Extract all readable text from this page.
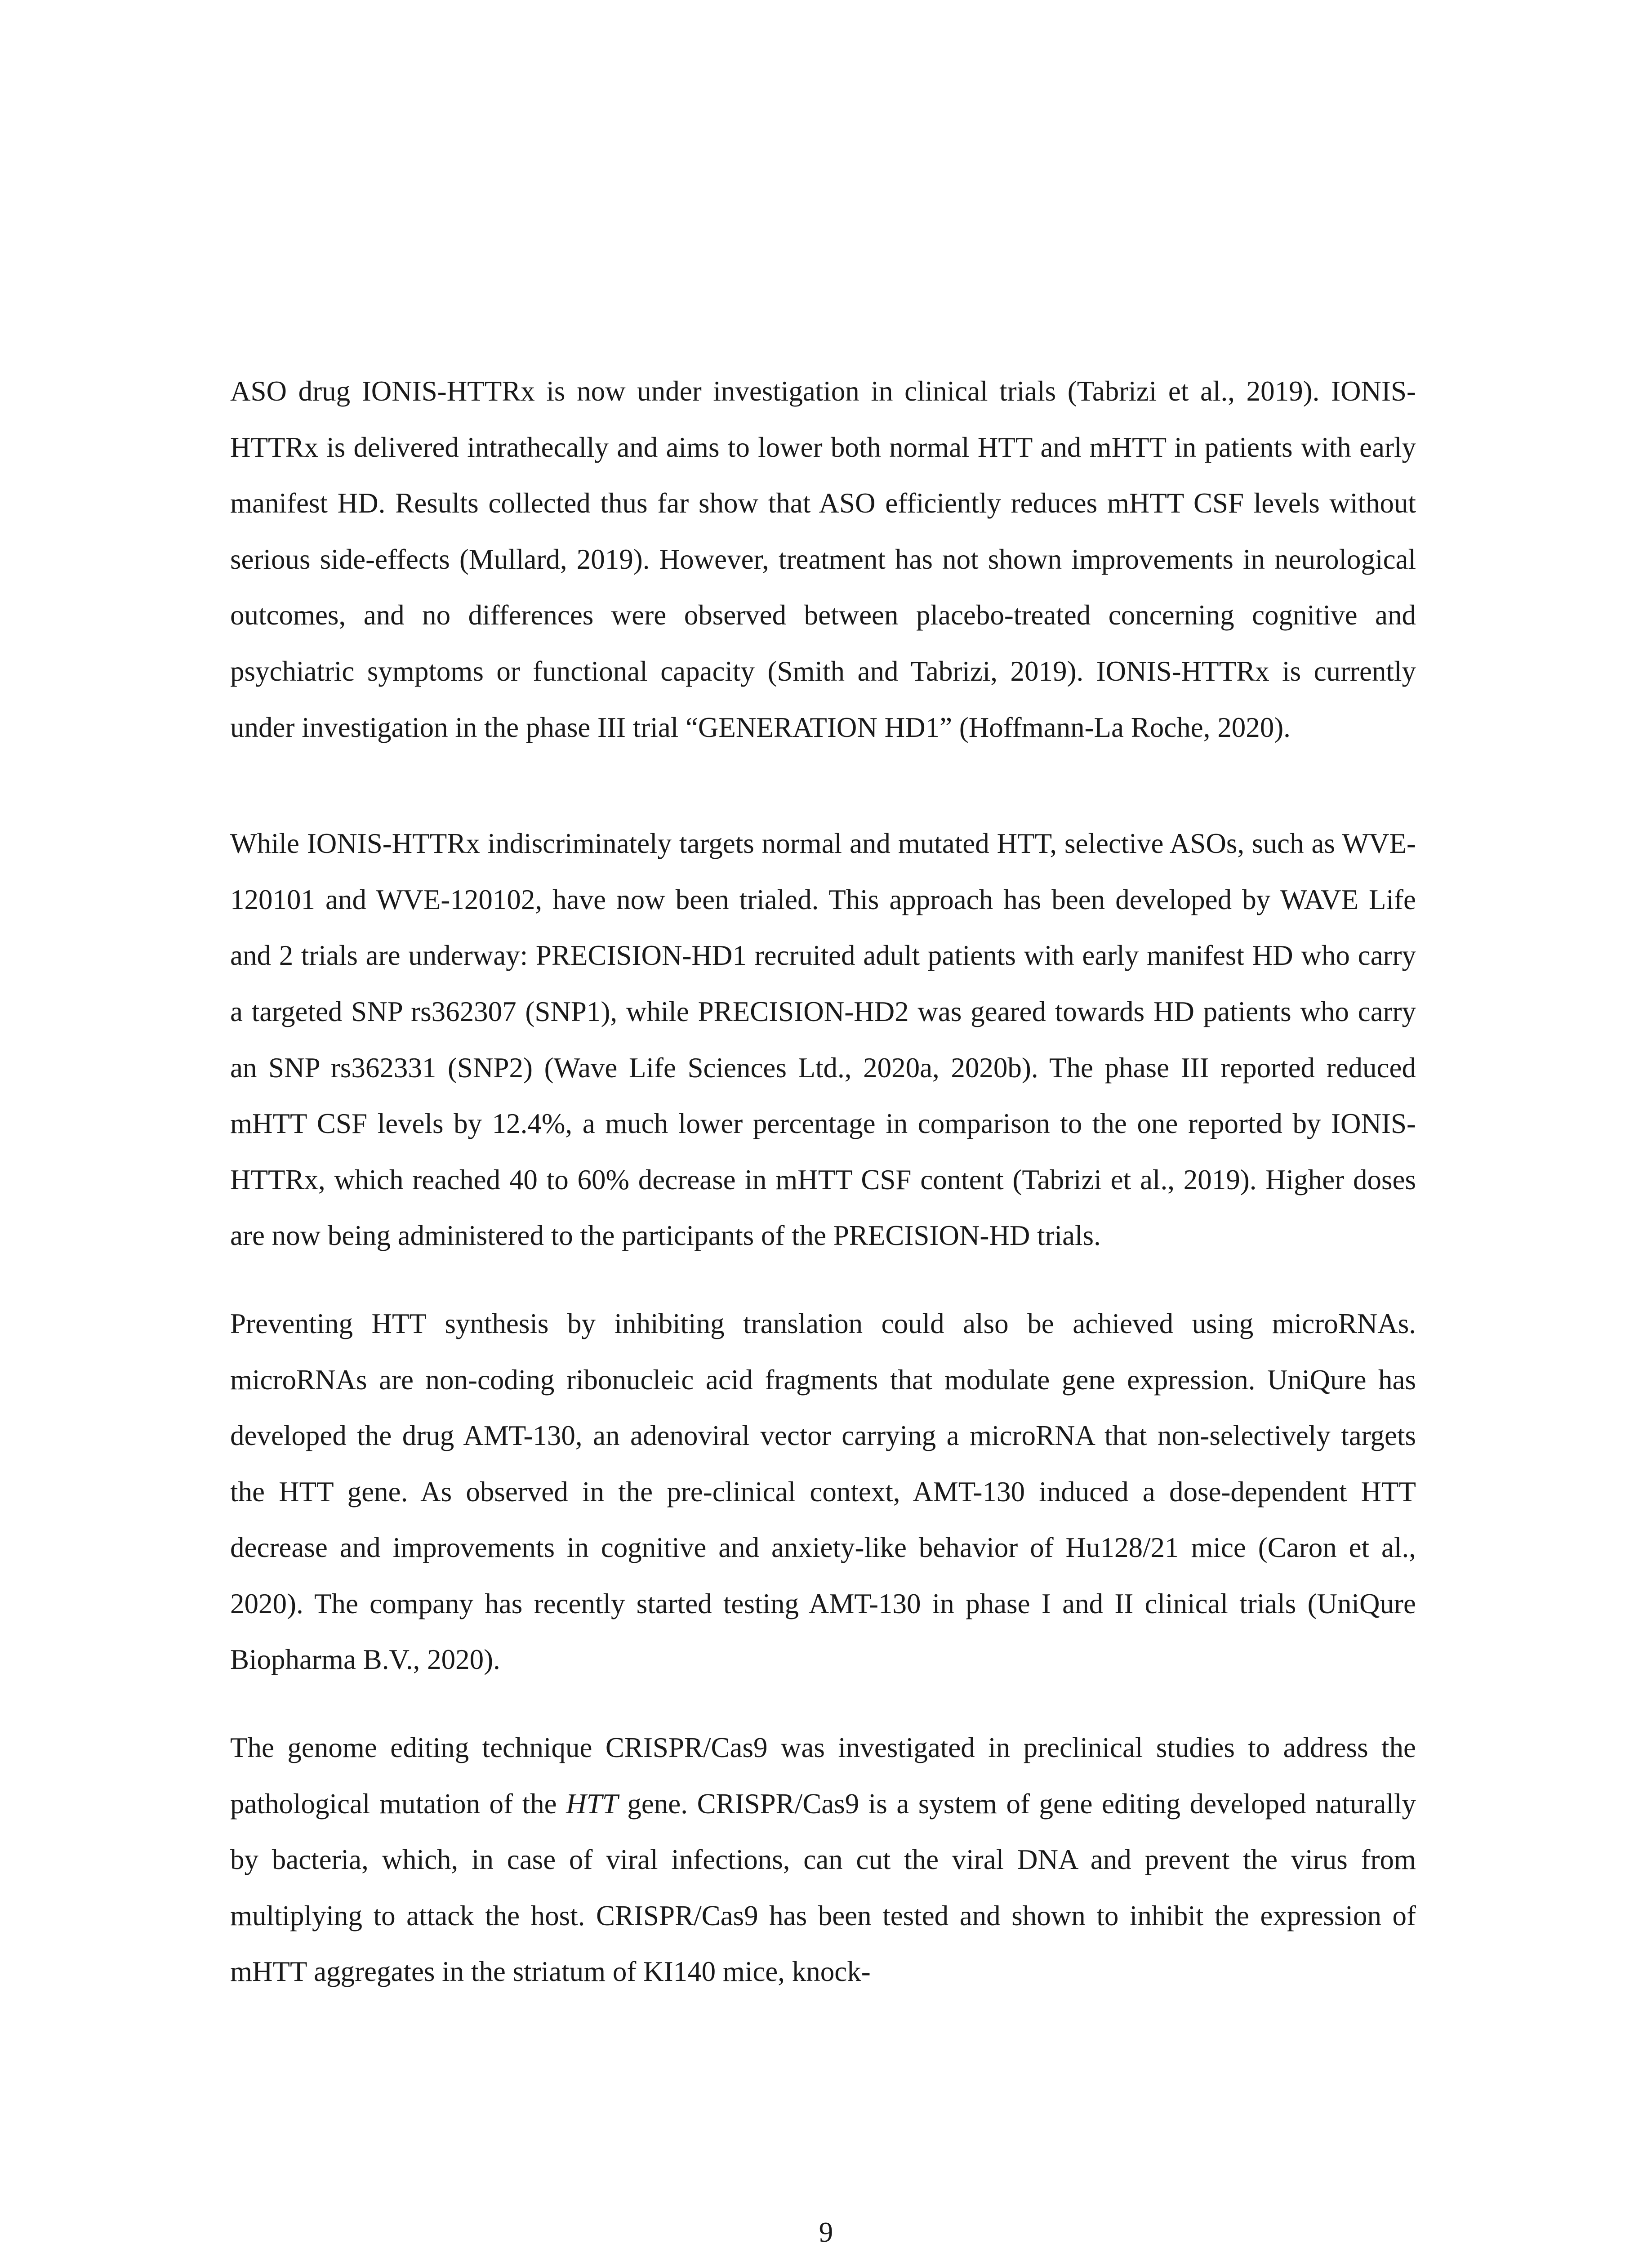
ASO drug IONIS-HTTRx is now under investigation in clinical trials (Tabrizi et al., 2019). IONIS-HTTRx is delivered intrathecally and aims to lower both normal HTT and mHTT in patients with early manifest HD. Results collected thus far show that ASO efficiently reduces mHTT CSF levels without serious side-effects (Mullard, 2019). However, treatment has not shown improvements in neurological outcomes, and no differences were observed between placebo-treated concerning cognitive and psychiatric symptoms or functional capacity (Smith and Tabrizi, 2019). IONIS-HTTRx is currently under investigation in the phase III trial “GENERATION HD1” (Hoffmann-La Roche, 2020).

While IONIS-HTTRx indiscriminately targets normal and mutated HTT, selective ASOs, such as WVE-120101 and WVE-120102, have now been trialed. This approach has been developed by WAVE Life and 2 trials are underway: PRECISION-HD1 recruited adult patients with early manifest HD who carry a targeted SNP rs362307 (SNP1), while PRECISION-HD2 was geared towards HD patients who carry an SNP rs362331 (SNP2) (Wave Life Sciences Ltd., 2020a, 2020b). The phase III reported reduced mHTT CSF levels by 12.4%, a much lower percentage in comparison to the one reported by IONIS-HTTRx, which reached 40 to 60% decrease in mHTT CSF content (Tabrizi et al., 2019). Higher doses are now being administered to the participants of the PRECISION-HD trials.

Preventing HTT synthesis by inhibiting translation could also be achieved using microRNAs. microRNAs are non-coding ribonucleic acid fragments that modulate gene expression. UniQure has developed the drug AMT-130, an adenoviral vector carrying a microRNA that non-selectively targets the HTT gene. As observed in the pre-clinical context, AMT-130 induced a dose-dependent HTT decrease and improvements in cognitive and anxiety-like behavior of Hu128/21 mice (Caron et al., 2020). The company has recently started testing AMT-130 in phase I and II clinical trials (UniQure Biopharma B.V., 2020).

The genome editing technique CRISPR/Cas9 was investigated in preclinical studies to address the pathological mutation of the HTT gene. CRISPR/Cas9 is a system of gene editing developed naturally by bacteria, which, in case of viral infections, can cut the viral DNA and prevent the virus from multiplying to attack the host. CRISPR/Cas9 has been tested and shown to inhibit the expression of mHTT aggregates in the striatum of KI140 mice, knock-

9
